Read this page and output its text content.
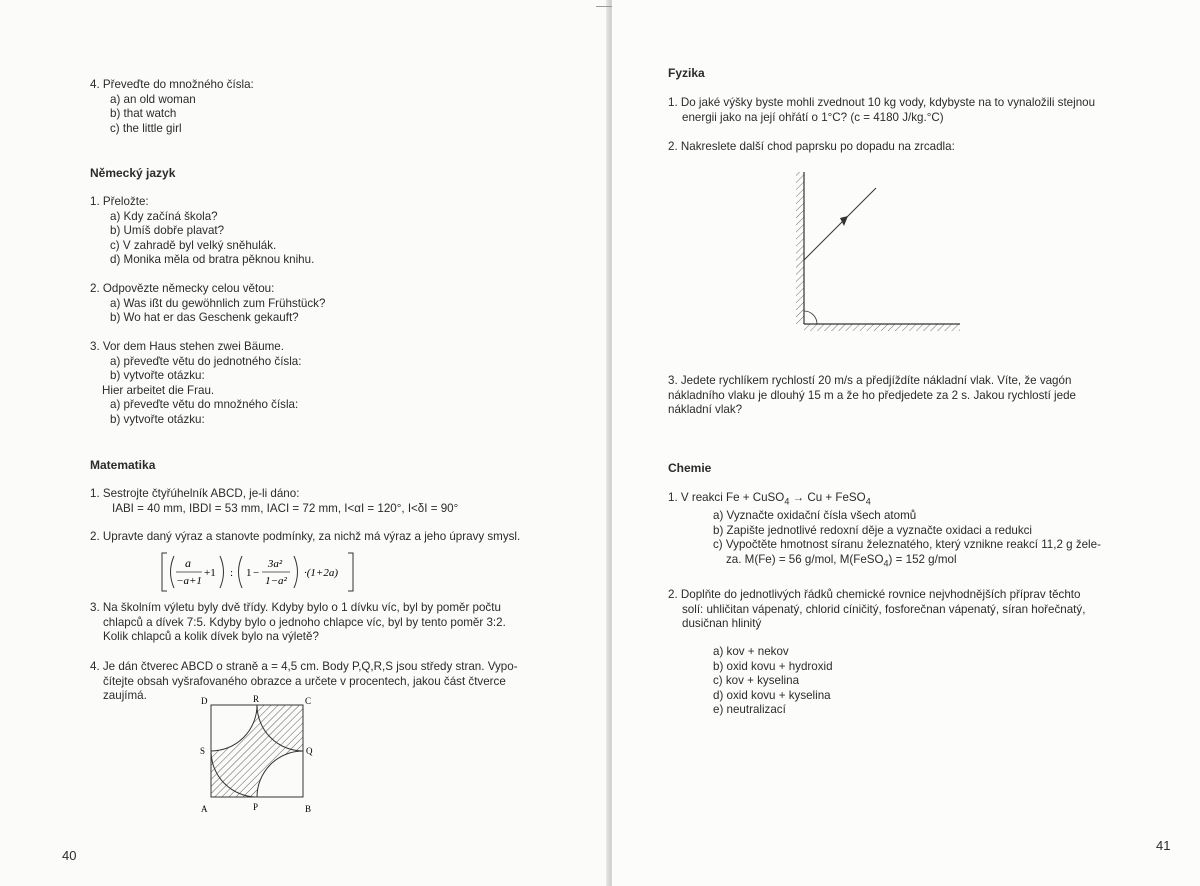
4. Převeďte do množného čísla:
a) an old woman
b) that watch
c) the little girl
Německý jazyk
1. Přeložte:
a) Kdy začíná škola?
b) Umíš dobře plavat?
c) V zahradě byl velký sněhulák.
d) Monika měla od bratra pěknou knihu.
2. Odpovězte německy celou větou:
a) Was ißt du gewöhnlich zum Frühstück?
b) Wo hat er das Geschenk gekauft?
3. Vor dem Haus stehen zwei Bäume.
a) převeďte větu do jednotného čísla:
b) vytvořte otázku:
Hier arbeitet die Frau.
a) převeďte větu do množného čísla:
b) vytvořte otázku:
Matematika
1. Sestrojte čtyřúhelník ABCD, je-li dáno:
IABI = 40 mm, IBDI = 53 mm, IACI = 72 mm, I<αI = 120°, I<δI = 90°
2. Upravte daný výraz a stanovte podmínky, za nichž má výraz a jeho úpravy smysl.
a
−a+1
+1 : 1 −
3a²
1−a²
·(1+2a)
3. Na školním výletu byly dvě třídy. Kdyby bylo o 1 dívku víc, byl by poměr počtu
chlapců a dívek 7:5. Kdyby bylo o jednoho chlapce víc, byl by tento poměr 3:2.
Kolik chlapců a kolik dívek bylo na výletě?
4. Je dán čtverec ABCD o straně a = 4,5 cm. Body P,Q,R,S jsou středy stran. Vypo-
čítejte obsah vyšrafovaného obrazce a určete v procentech, jakou část čtverce
zaujímá.	D	R	C
S	Q
A	P	B
40
Fyzika
1. Do jaké výšky byste mohli zvednout 10 kg vody, kdybyste na to vynaložili stejnou
energii jako na její ohřátí o 1°C? (c = 4180 J/kg.°C)
2. Nakreslete další chod paprsku po dopadu na zrcadla:
3. Jedete rychlíkem rychlostí 20 m/s a předjíždíte nákladní vlak. Víte, že vagón
nákladního vlaku je dlouhý 15 m a že ho předjedete za 2 s. Jakou rychlostí jede
nákladní vlak?
Chemie
1. V reakci Fe + CuSO$_4$ → Cu + FeSO$_4$
a) Vyznačte oxidační čísla všech atomů
b) Zapište jednotlivé redoxní děje a vyznačte oxidaci a redukci
c) Vypočtěte hmotnost síranu železnatého, který vznikne reakcí 11,2 g žele-
za. M(Fe) = 56 g/mol, M(FeSO$_4$) = 152 g/mol
2. Doplňte do jednotlivých řádků chemické rovnice nejvhodnějších příprav těchto
solí: uhličitan vápenatý, chlorid cíničitý, fosforečnan vápenatý, síran hořečnatý,
dusičnan hlinitý
a) kov + nekov
b) oxid kovu + hydroxid
c) kov + kyselina
d) oxid kovu + kyselina
e) neutralizací
41
